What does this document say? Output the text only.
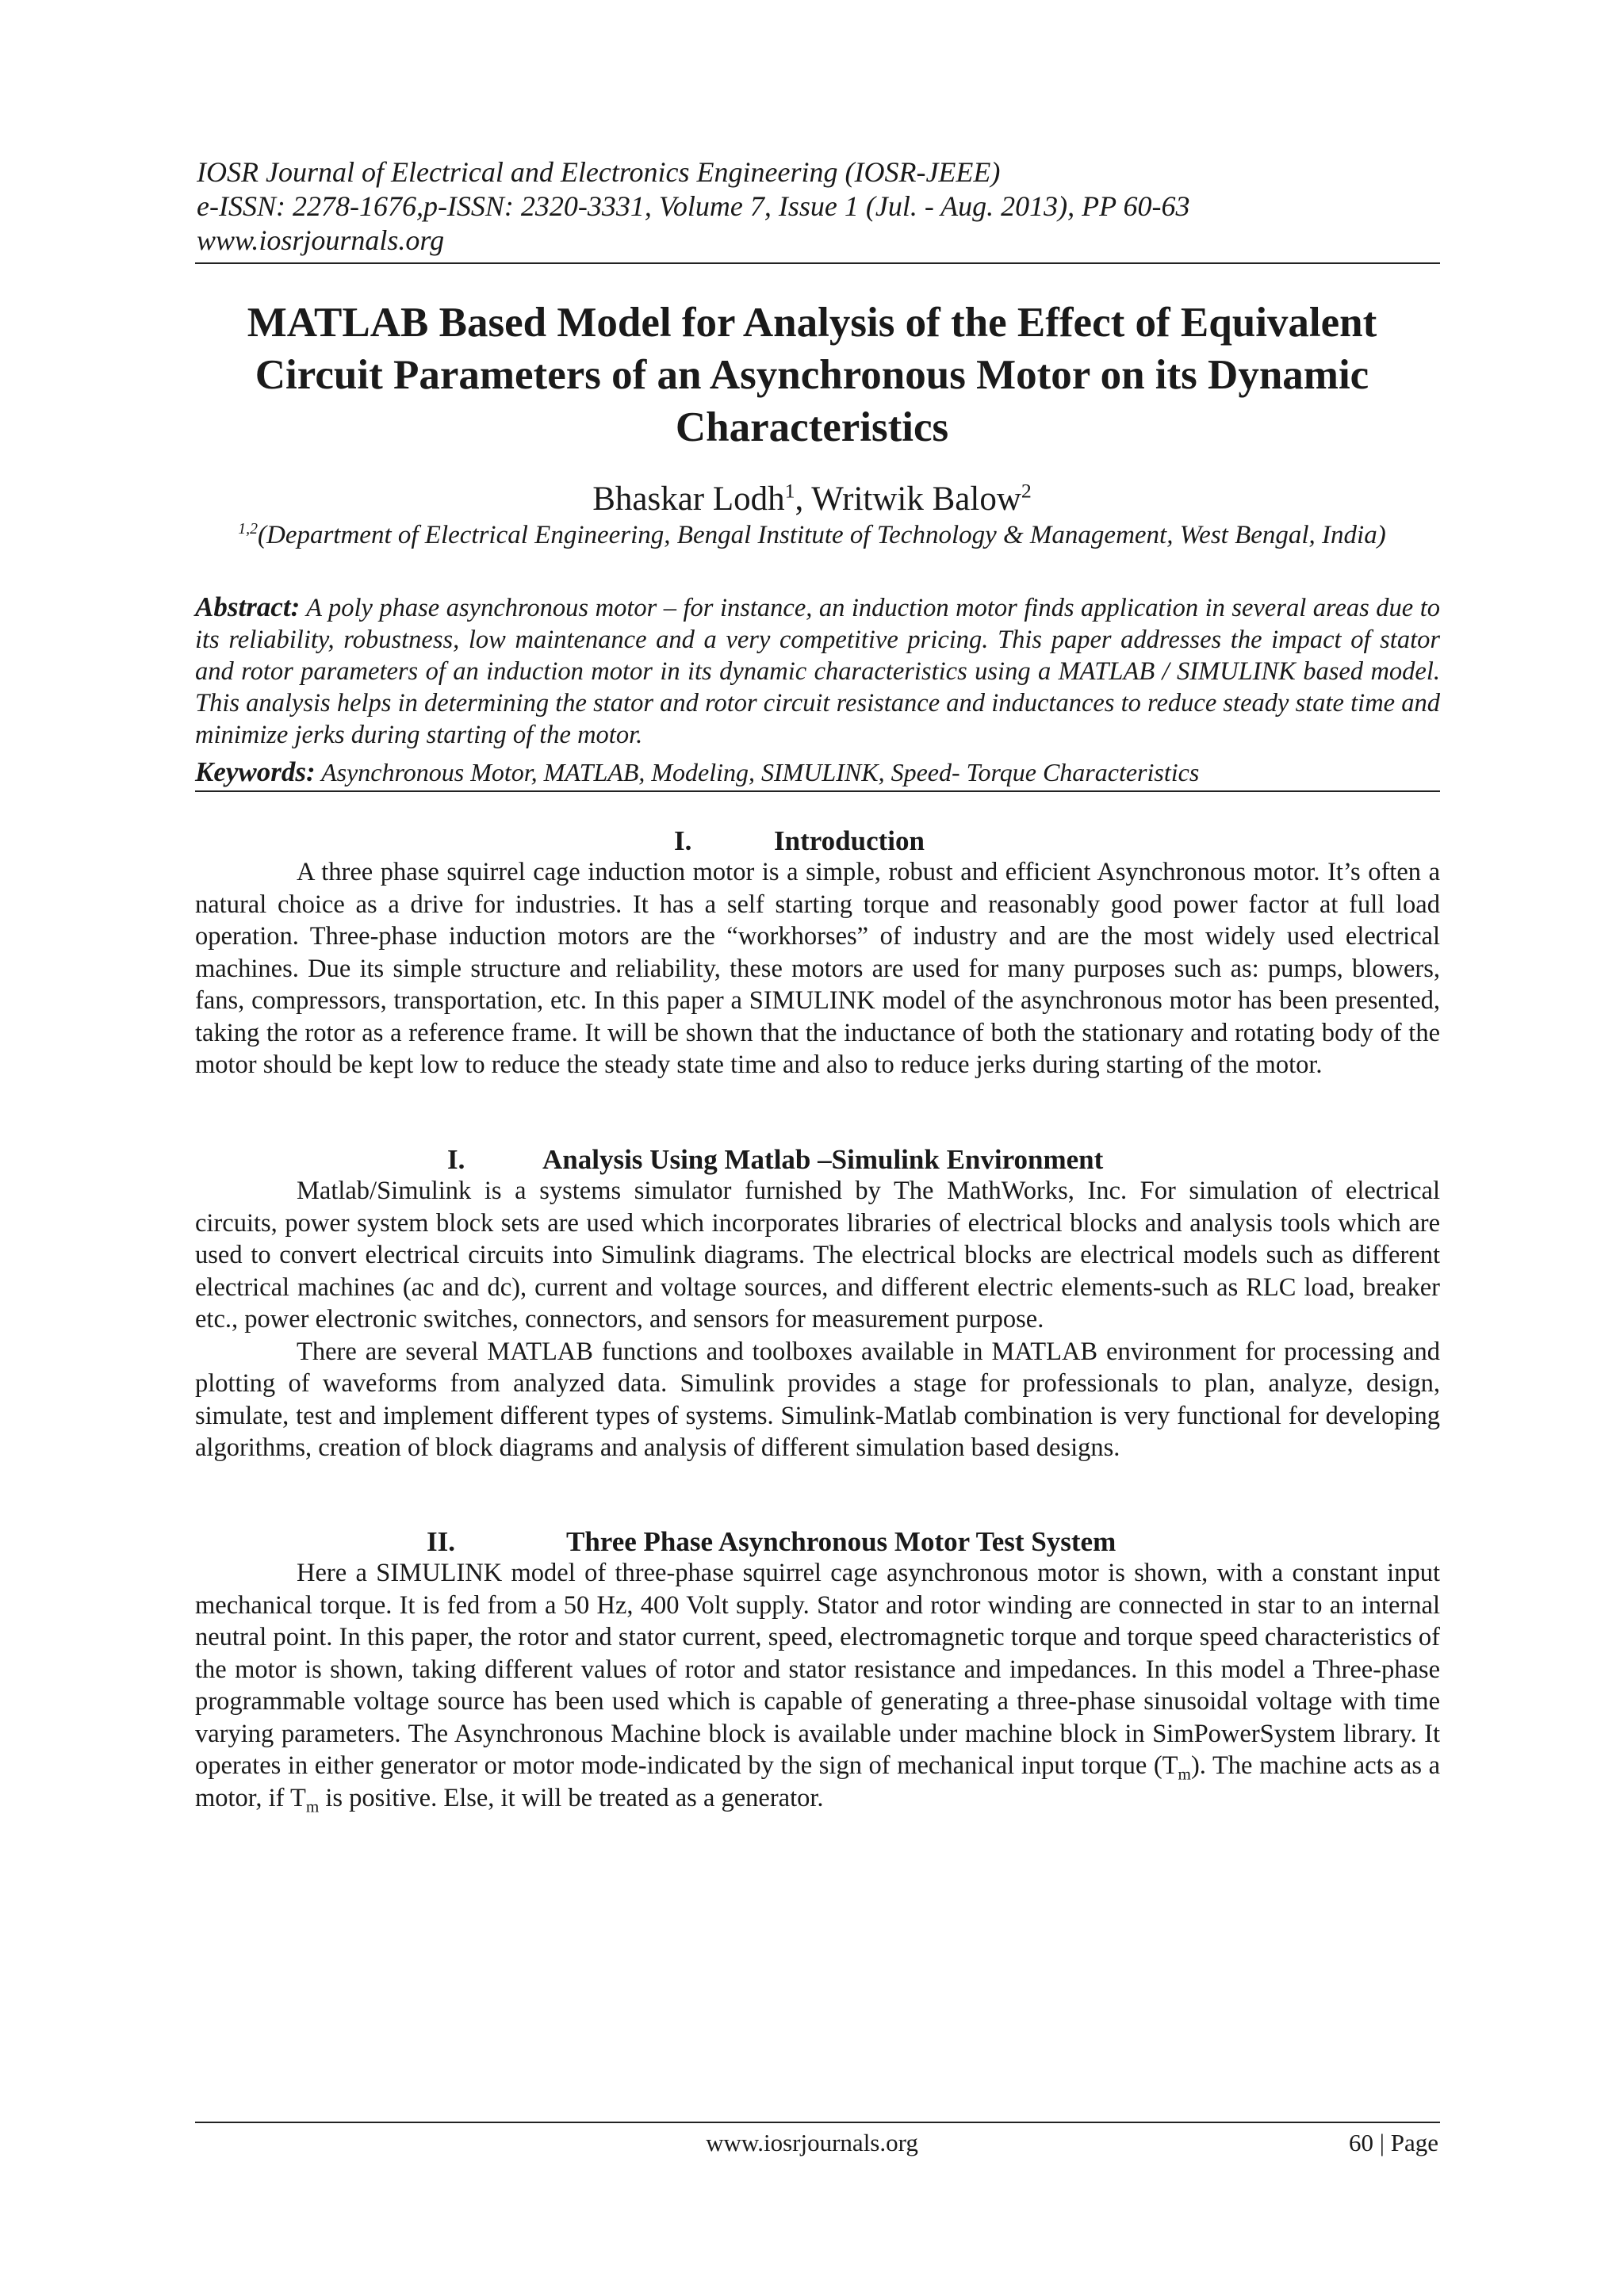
IOSR Journal of Electrical and Electronics Engineering (IOSR-JEEE)
e-ISSN: 2278-1676,p-ISSN: 2320-3331, Volume 7, Issue 1 (Jul. - Aug. 2013), PP 60-63
www.iosrjournals.org
MATLAB Based Model for Analysis of the Effect of Equivalent
Circuit Parameters of an Asynchronous Motor on its Dynamic
Characteristics
Bhaskar Lodh$^1$, Writwik Balow$^2$
$^{1,2}$(Department of Electrical Engineering, Bengal Institute of Technology & Management, West Bengal, India)
Abstract: A poly phase asynchronous motor – for instance, an induction motor finds application in several areas due to its reliability, robustness, low maintenance and a very competitive pricing. This paper addresses the impact of stator and rotor parameters of an induction motor in its dynamic characteristics using a MATLAB / SIMULINK based model. This analysis helps in determining the stator and rotor circuit resistance and inductances to reduce steady state time and minimize jerks during starting of the motor.
Keywords: Asynchronous Motor, MATLAB, Modeling, SIMULINK, Speed- Torque Characteristics
I.	Introduction

A three phase squirrel cage induction motor is a simple, robust and efficient Asynchronous motor. It’s often a natural choice as a drive for industries. It has a self starting torque and reasonably good power factor at full load operation. Three-phase induction motors are the “workhorses” of industry and are the most widely used electrical machines. Due its simple structure and reliability, these motors are used for many purposes such as: pumps, blowers, fans, compressors, transportation, etc. In this paper a SIMULINK model of the asynchronous motor has been presented, taking the rotor as a reference frame. It will be shown that the inductance of both the stationary and rotating body of the motor should be kept low to reduce the steady state time and also to reduce jerks during starting of the motor.

I.	Analysis Using Matlab –Simulink Environment

Matlab/Simulink is a systems simulator furnished by The MathWorks, Inc. For simulation of electrical circuits, power system block sets are used which incorporates libraries of electrical blocks and analysis tools which are used to convert electrical circuits into Simulink diagrams. The electrical blocks are electrical models such as different electrical machines (ac and dc), current and voltage sources, and different electric elements-such as RLC load, breaker etc., power electronic switches, connectors, and sensors for measurement purpose.

There are several MATLAB functions and toolboxes available in MATLAB environment for processing and plotting of waveforms from analyzed data. Simulink provides a stage for professionals to plan, analyze, design, simulate, test and implement different types of systems. Simulink-Matlab combination is very functional for developing algorithms, creation of block diagrams and analysis of different simulation based designs.

II.	Three Phase Asynchronous Motor Test System

Here a SIMULINK model of three-phase squirrel cage asynchronous motor is shown, with a constant input mechanical torque. It is fed from a 50 Hz, 400 Volt supply. Stator and rotor winding are connected in star to an internal neutral point. In this paper, the rotor and stator current, speed, electromagnetic torque and torque speed characteristics of the motor is shown, taking different values of rotor and stator resistance and impedances. In this model a Three-phase programmable voltage source has been used which is capable of generating a three-phase sinusoidal voltage with time varying parameters. The Asynchronous Machine block is available under machine block in SimPowerSystem library. It operates in either generator or motor mode-indicated by the sign of mechanical input torque $(T_m)$. The machine acts as a motor, if $T_m$ is positive. Else, it will be treated as a generator.

www.iosrjournals.org	60 | Page
